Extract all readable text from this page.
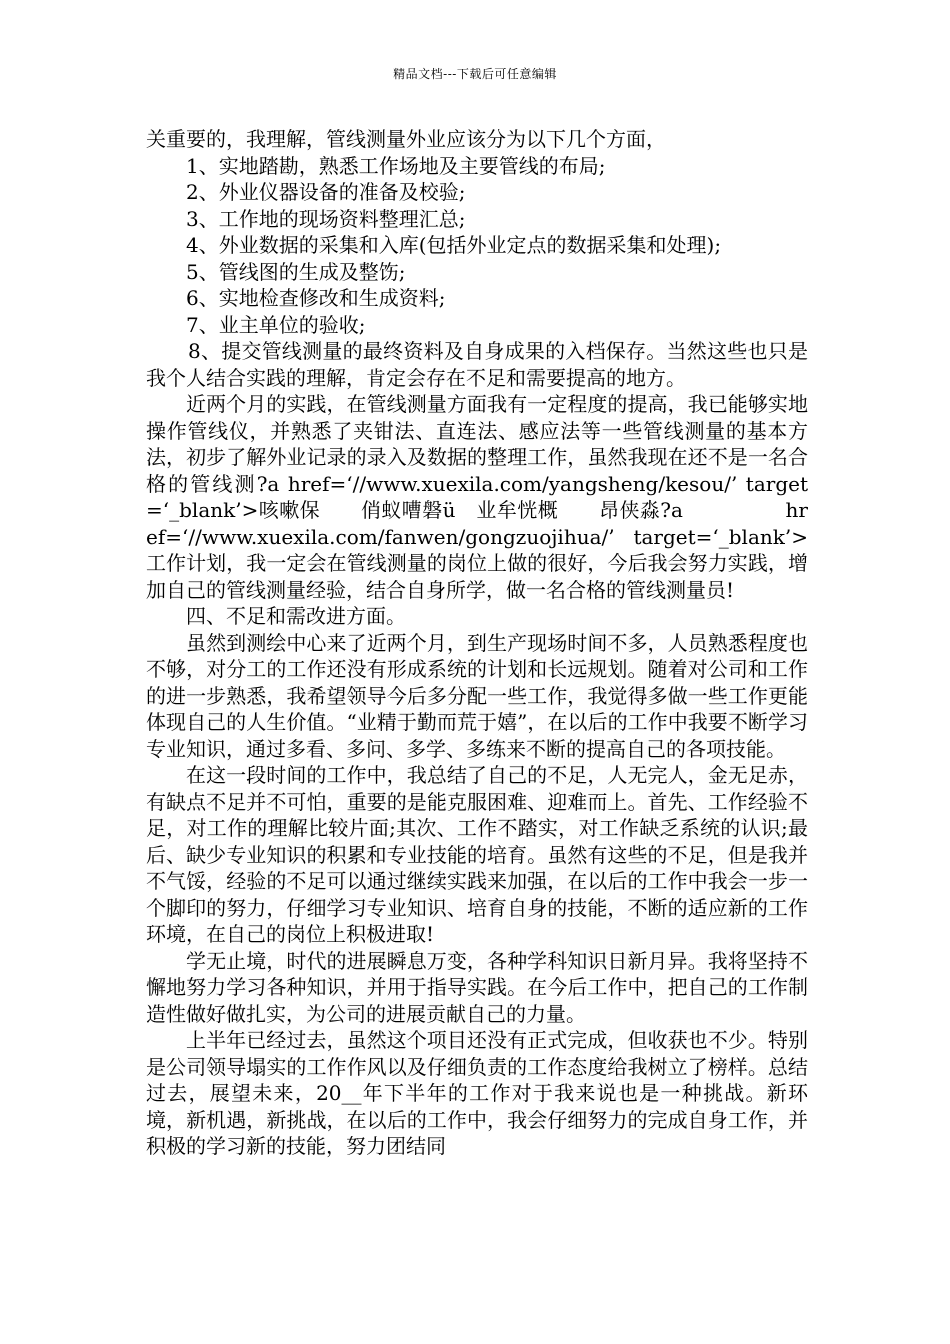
精品文档---下载后可任意编辑

关重要的，我理解，管线测量外业应该分为以下几个方面，

1、实地踏勘，熟悉工作场地及主要管线的布局;

2、外业仪器设备的准备及校验;

3、工作地的现场资料整理汇总;

4、外业数据的采集和入库(包括外业定点的数据采集和处理);

5、管线图的生成及整饬;

6、实地检查修改和生成资料;

7、业主单位的验收;

8、提交管线测量的最终资料及自身成果的入档保存。当然这些也只是我个人结合实践的理解，肯定会存在不足和需要提高的地方。

近两个月的实践，在管线测量方面我有一定程度的提高，我已能够实地操作管线仪，并熟悉了夹钳法、直连法、感应法等一些管线测量的基本方法，初步了解外业记录的录入及数据的整理工作，虽然我现在还不是一名合格的管线测?a href=‘//www.xuexila.com/yangsheng/kesou/’ target=‘_blank’>咳嗽保　　俏蚁嘈磐ü　业牟恍概　　昂侠淼?a　　　　　href=‘//www.xuexila.com/fanwen/gongzuojihua/’ target=‘_blank’>工作计划，我一定会在管线测量的岗位上做的很好，今后我会努力实践，增加自己的管线测量经验，结合自身所学，做一名合格的管线测量员!

四、不足和需改进方面。

虽然到测绘中心来了近两个月，到生产现场时间不多，人员熟悉程度也不够，对分工的工作还没有形成系统的计划和长远规划。随着对公司和工作的进一步熟悉，我希望领导今后多分配一些工作，我觉得多做一些工作更能体现自己的人生价值。“业精于勤而荒于嬉”，在以后的工作中我要不断学习专业知识，通过多看、多问、多学、多练来不断的提高自己的各项技能。

在这一段时间的工作中，我总结了自己的不足，人无完人，金无足赤，有缺点不足并不可怕，重要的是能克服困难、迎难而上。首先、工作经验不足，对工作的理解比较片面;其次、工作不踏实，对工作缺乏系统的认识;最后、缺少专业知识的积累和专业技能的培育。虽然有这些的不足，但是我并不气馁，经验的不足可以通过继续实践来加强，在以后的工作中我会一步一个脚印的努力，仔细学习专业知识、培育自身的技能，不断的适应新的工作环境，在自己的岗位上积极进取!

学无止境，时代的进展瞬息万变，各种学科知识日新月异。我将坚持不懈地努力学习各种知识，并用于指导实践。在今后工作中，把自己的工作制造性做好做扎实，为公司的进展贡献自己的力量。

上半年已经过去，虽然这个项目还没有正式完成，但收获也不少。特别是公司领导塌实的工作作风以及仔细负责的工作态度给我树立了榜样。总结过去，展望未来，20__年下半年的工作对于我来说也是一种挑战。新环境，新机遇，新挑战，在以后的工作中，我会仔细努力的完成自身工作，并积极的学习新的技能，努力团结同
